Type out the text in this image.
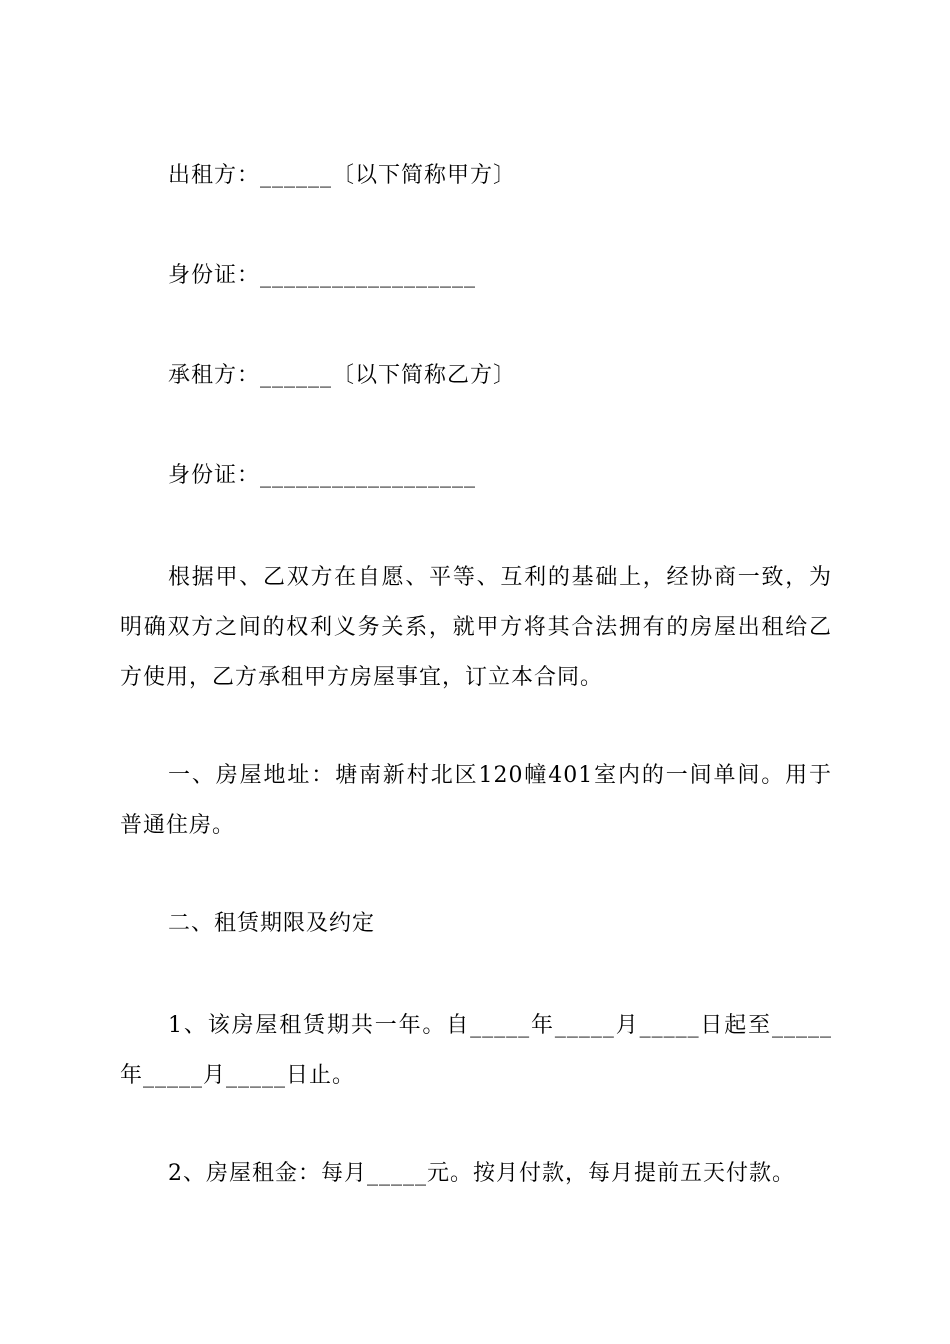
出租方：______〔以下简称甲方〕

身份证：__________________

承租方：______〔以下简称乙方〕

身份证：__________________

根据甲、乙双方在自愿、平等、互利的基础上，经协商一致，为明确双方之间的权利义务关系，就甲方将其合法拥有的房屋出租给乙方使用，乙方承租甲方房屋事宜，订立本合同。

一、房屋地址：塘南新村北区120幢401室内的一间单间。用于普通住房。

二、租赁期限及约定

1、该房屋租赁期共一年。自_____年_____月_____日起至_____年_____月_____日止。

2、房屋租金：每月_____元。按月付款，每月提前五天付款。
